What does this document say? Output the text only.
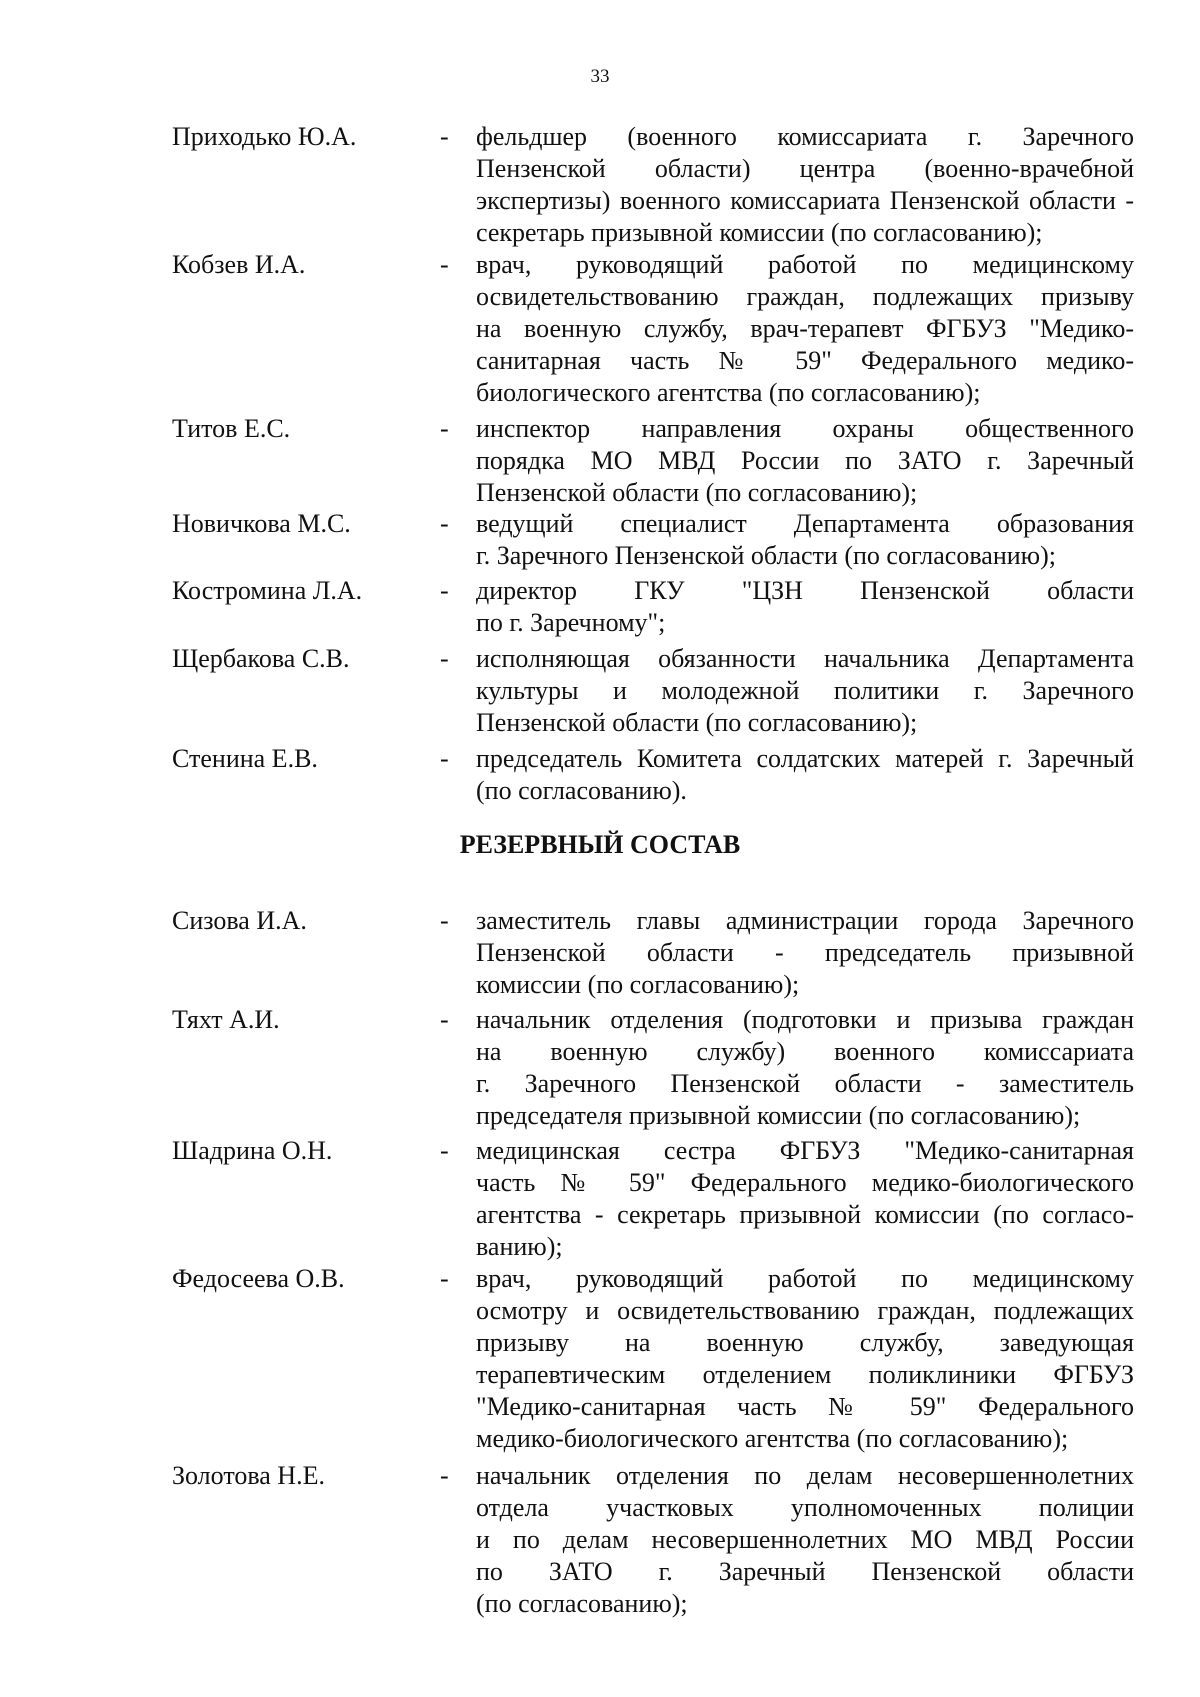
33
Приходько Ю.А.	- фельдшер (военного комиссариата г. Заречного
Пензенской области) центра (военно-врачебной
экспертизы) военного комиссариата Пензенской области -
секретарь призывной комиссии (по согласованию);
Кобзев И.А.	- врач, руководящий работой по медицинскому
освидетельствованию граждан, подлежащих призыву
на военную службу, врач-терапевт ФГБУЗ "Медико-
санитарная часть № 59" Федерального медико-
биологического агентства (по согласованию);
Титов Е.С.	- инспектор направления охраны общественного
порядка МО МВД России по ЗАТО г. Заречный
Пензенской области (по согласованию);
Новичкова М.С.	- ведущий специалист Департамента образования
г. Заречного Пензенской области (по согласованию);
Костромина Л.А.	- директор ГКУ "ЦЗН Пензенской области
по г. Заречному";
Щербакова С.В.	- исполняющая обязанности начальника Департамента
культуры и молодежной политики г. Заречного
Пензенской области (по согласованию);
Стенина Е.В.	- председатель Комитета солдатских матерей г. Заречный
(по согласованию).
РЕЗЕРВНЫЙ СОСТАВ
Сизова И.А.	- заместитель главы администрации города Заречного
Пензенской области - председатель призывной
комиссии (по согласованию);
Тяхт А.И.	- начальник отделения (подготовки и призыва граждан
на военную службу) военного комиссариата
г. Заречного Пензенской области - заместитель
председателя призывной комиссии (по согласованию);
Шадрина О.Н.	- медицинская сестра ФГБУЗ "Медико-санитарная
часть № 59" Федерального медико-биологического
агентства - секретарь призывной комиссии (по согласо-
ванию);
Федосеева О.В.	- врач, руководящий работой по медицинскому
осмотру и освидетельствованию граждан, подлежащих
призыву на военную службу, заведующая
терапевтическим отделением поликлиники ФГБУЗ
"Медико-санитарная часть № 59" Федерального
медико-биологического агентства (по согласованию);
Золотова Н.Е.	- начальник отделения по делам несовершеннолетних
отдела участковых уполномоченных полиции
и по делам несовершеннолетних МО МВД России
по ЗАТО г. Заречный Пензенской области
(по согласованию);
